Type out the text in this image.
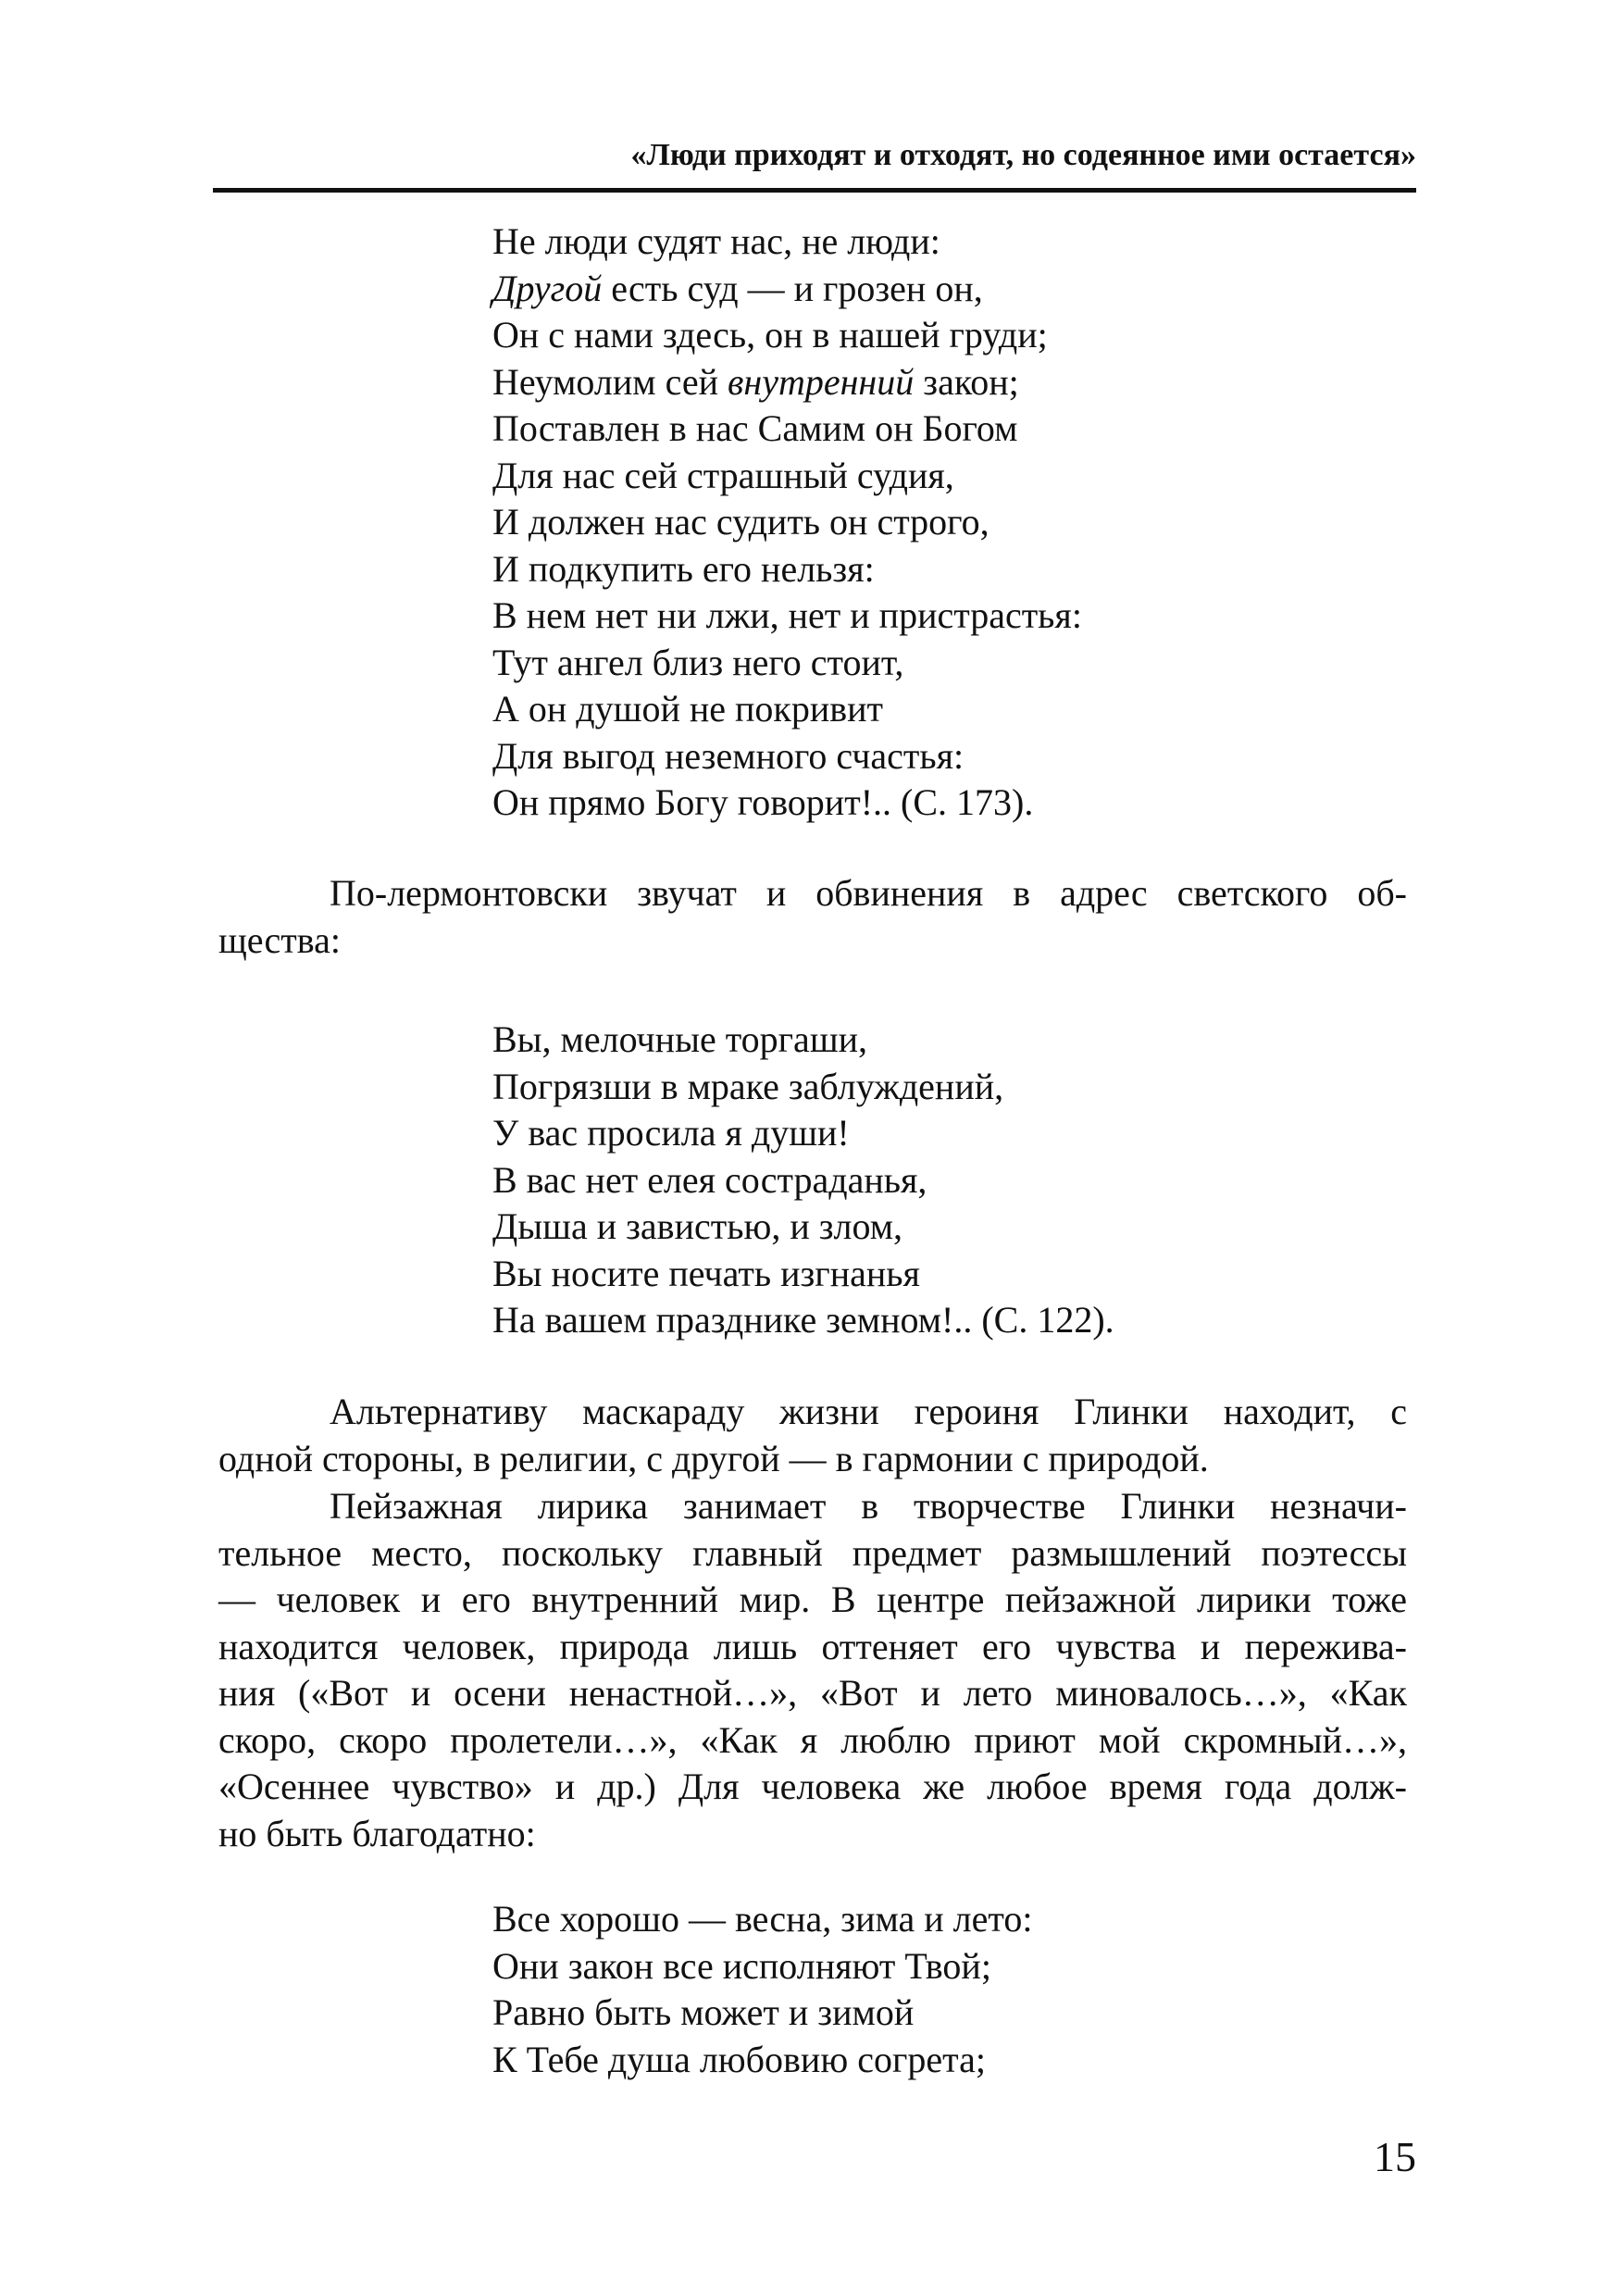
«Люди приходят и отходят, но содеянное ими остается»
Не люди судят нас, не люди:
Другой есть суд — и грозен он,
Он с нами здесь, он в нашей груди;
Неумолим сей внутренний закон;
Поставлен в нас Самим он Богом
Для нас сей страшный судия,
И должен нас судить он строго,
И подкупить его нельзя:
В нем нет ни лжи, нет и пристрастья:
Тут ангел близ него стоит,
А он душой не покривит
Для выгод неземного счастья:
Он прямо Богу говорит!.. (С. 173).
По-лермонтовски звучат и обвинения в адрес светского об-
щества:
Вы, мелочные торгаши,
Погрязши в мраке заблуждений,
У вас просила я души!
В вас нет елея состраданья,
Дыша и завистью, и злом,
Вы носите печать изгнанья
На вашем празднике земном!.. (С. 122).
Альтернативу маскараду жизни героиня Глинки находит, с
одной стороны, в религии, с другой — в гармонии с природой.
Пейзажная лирика занимает в творчестве Глинки незначи-
тельное место, поскольку главный предмет размышлений поэтессы
— человек и его внутренний мир. В центре пейзажной лирики тоже
находится человек, природа лишь оттеняет его чувства и пережива-
ния («Вот и осени ненастной…», «Вот и лето миновалось…», «Как
скоро, скоро пролетели…», «Как я люблю приют мой скромный…»,
«Осеннее чувство» и др.) Для человека же любое время года долж-
но быть благодатно:
Все хорошо — весна, зима и лето:
Они закон все исполняют Твой;
Равно быть может и зимой
К Тебе душа любовию согрета;
15
